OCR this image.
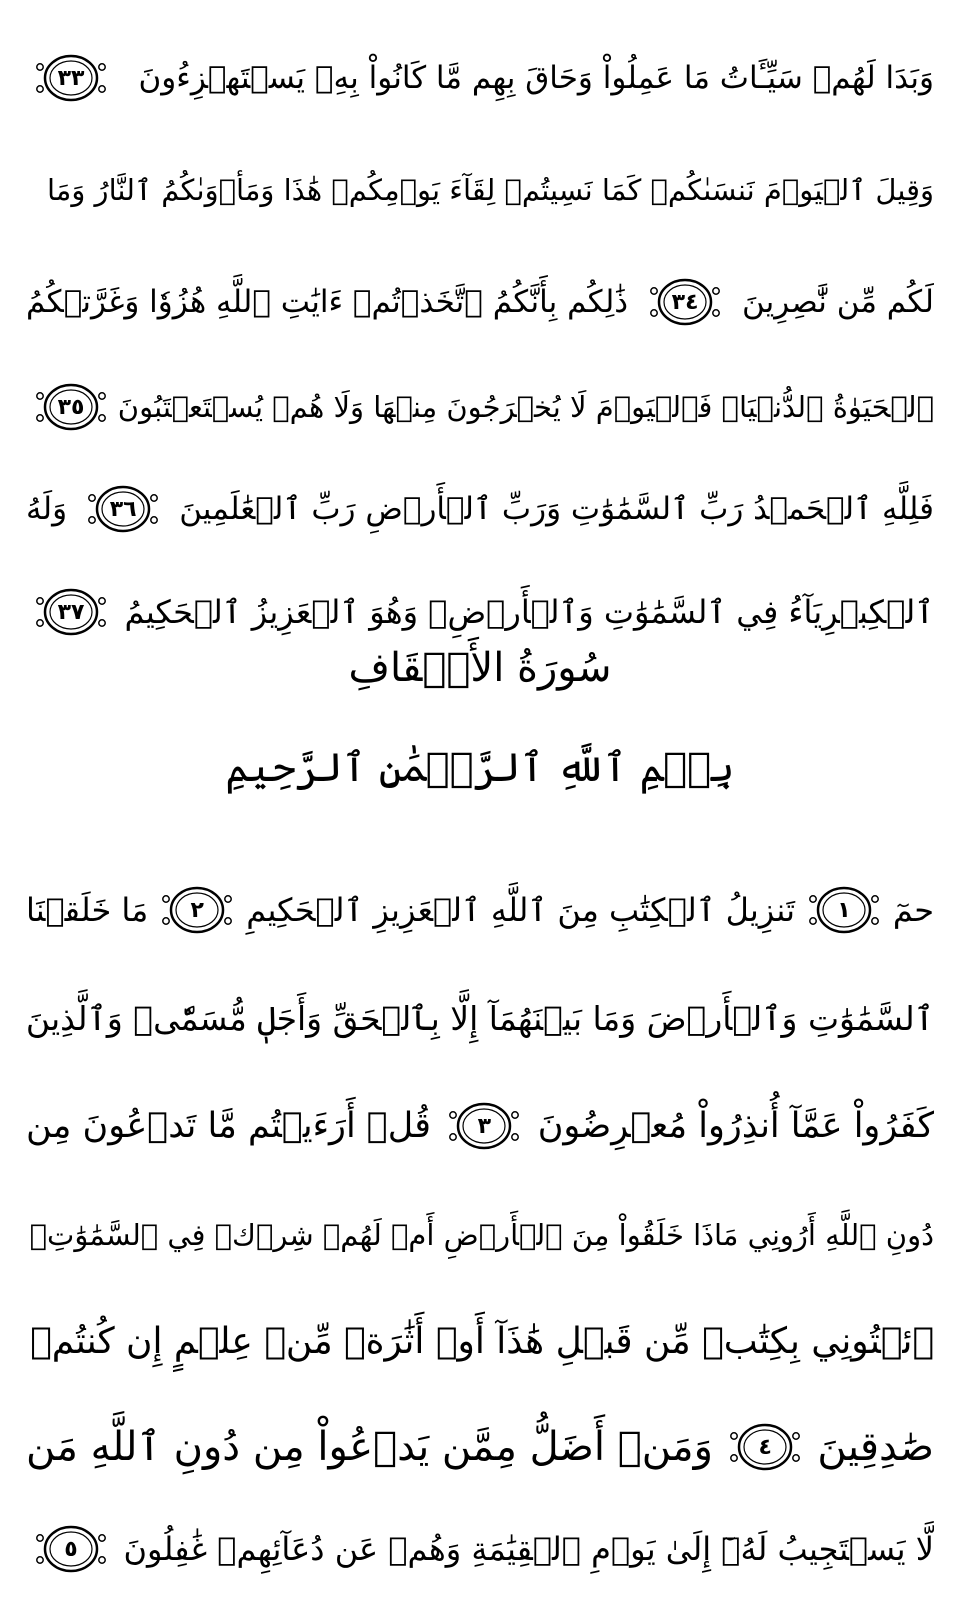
سُورَةُ الأَحۡقَافِ
بِسۡمِ ٱللَّهِ ٱلرَّحۡمَٰنِ ٱلرَّحِيمِ
وَبَدَا لَهُمۡ سَيِّـَٔاتُ مَا عَمِلُواْ وَحَاقَ بِهِم مَّا كَانُواْ بِهِۦ يَسۡتَهۡزِءُونَ
٣٣
وَقِيلَ ٱلۡيَوۡمَ نَنسَىٰكُمۡ كَمَا نَسِيتُمۡ لِقَآءَ يَوۡمِكُمۡ هَٰذَا وَمَأۡوَىٰكُمُ ٱلنَّارُ وَمَا
لَكُم مِّن نَّٰصِرِينَ
٣٤
ذَٰلِكُم بِأَنَّكُمُ ٱتَّخَذۡتُمۡ ءَايَٰتِ ٱللَّهِ هُزُوٗا وَغَرَّتۡكُمُ
ٱلۡحَيَوٰةُ ٱلدُّنۡيَاۚ فَٱلۡيَوۡمَ لَا يُخۡرَجُونَ مِنۡهَا وَلَا هُمۡ يُسۡتَعۡتَبُونَ
٣٥
فَلِلَّهِ ٱلۡحَمۡدُ رَبِّ ٱلسَّمَٰوَٰتِ وَرَبِّ ٱلۡأَرۡضِ رَبِّ ٱلۡعَٰلَمِينَ
٣٦
وَلَهُ
ٱلۡكِبۡرِيَآءُ فِي ٱلسَّمَٰوَٰتِ وَٱلۡأَرۡضِۖ وَهُوَ ٱلۡعَزِيزُ ٱلۡحَكِيمُ
٣٧
حمٓ
١
تَنزِيلُ ٱلۡكِتَٰبِ مِنَ ٱللَّهِ ٱلۡعَزِيزِ ٱلۡحَكِيمِ
٢
مَا خَلَقۡنَا
ٱلسَّمَٰوَٰتِ وَٱلۡأَرۡضَ وَمَا بَيۡنَهُمَآ إِلَّا بِٱلۡحَقِّ وَأَجَلٖ مُّسَمّٗىۚ وَٱلَّذِينَ
كَفَرُواْ عَمَّآ أُنذِرُواْ مُعۡرِضُونَ
٣
قُلۡ أَرَءَيۡتُم مَّا تَدۡعُونَ مِن
دُونِ ٱللَّهِ أَرُونِي مَاذَا خَلَقُواْ مِنَ ٱلۡأَرۡضِ أَمۡ لَهُمۡ شِرۡكٞ فِي ٱلسَّمَٰوَٰتِۖ
ٱئۡتُونِي بِكِتَٰبٖ مِّن قَبۡلِ هَٰذَآ أَوۡ أَثَٰرَةٖ مِّنۡ عِلۡمٍ إِن كُنتُمۡ
صَٰدِقِينَ
٤
وَمَنۡ أَضَلُّ مِمَّن يَدۡعُواْ مِن دُونِ ٱللَّهِ مَن
لَّا يَسۡتَجِيبُ لَهُۥٓ إِلَىٰ يَوۡمِ ٱلۡقِيَٰمَةِ وَهُمۡ عَن دُعَآئِهِمۡ غَٰفِلُونَ
٥
